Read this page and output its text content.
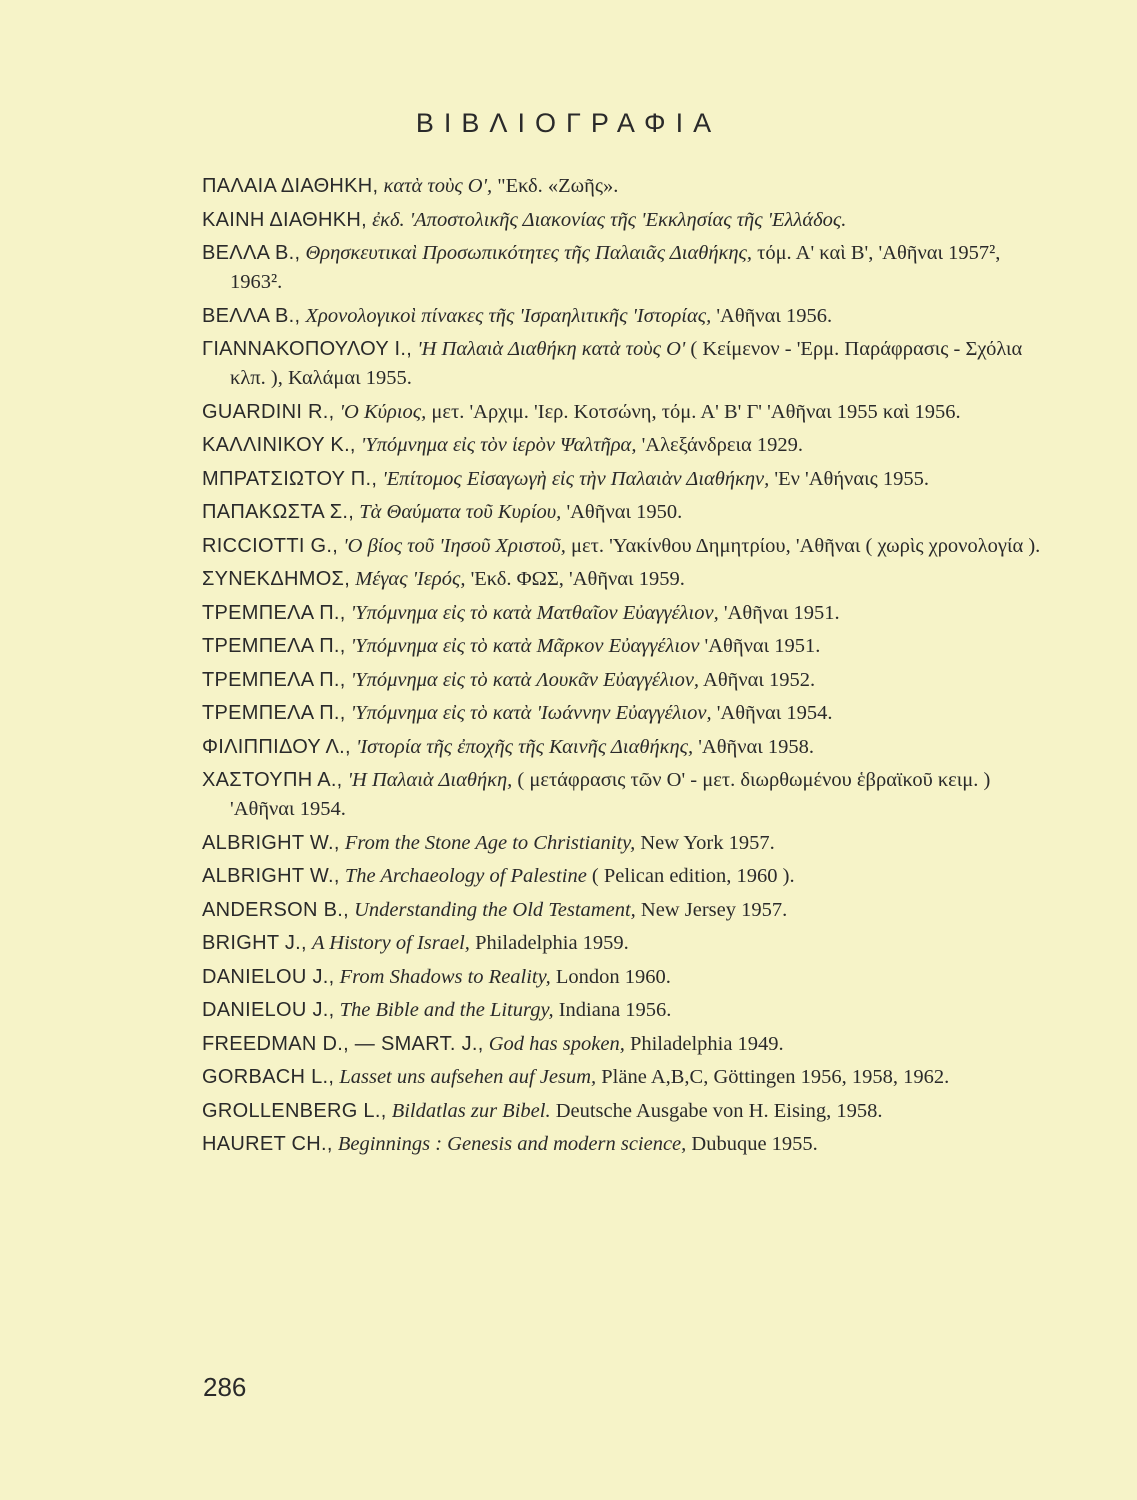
ΒΙΒΛΙΟΓΡΑΦΙΑ
ΠΑΛΑΙΑ ΔΙΑΘΗΚΗ, κατὰ τοὺς Ο', "Εκδ. «Ζωῆς».
ΚΑΙΝΗ ΔΙΑΘΗΚΗ, ἐκδ. 'Αποστολικῆς Διακονίας τῆς 'Εκκλησίας τῆς 'Ελλάδος.
ΒΕΛΛΑ Β., Θρησκευτικαὶ Προσωπικότητες τῆς Παλαιᾶς Διαθήκης, τόμ. Α' καὶ Β', 'Αθῆναι 1957², 1963².
ΒΕΛΛΑ Β., Χρονολογικοὶ πίνακες τῆς 'Ισραηλιτικῆς 'Ιστορίας, 'Αθῆναι 1956.
ΓΙΑΝΝΑΚΟΠΟΥΛΟΥ Ι., 'Η Παλαιὰ Διαθήκη κατὰ τοὺς Ο' ( Κείμενον - 'Ερμ. Παράφρασις - Σχόλια κλπ. ), Καλάμαι 1955.
GUARDINI R., 'Ο Κύριος, μετ. 'Αρχιμ. 'Ιερ. Κοτσώνη, τόμ. Α' Β' Γ' 'Αθῆναι 1955 καὶ 1956.
ΚΑΛΛΙΝΙΚΟΥ Κ., 'Υπόμνημα εἰς τὸν ἱερὸν Ψαλτῆρα, 'Αλεξάνδρεια 1929.
ΜΠΡΑΤΣΙΩΤΟΥ Π., 'Επίτομος Εἰσαγωγὴ εἰς τὴν Παλαιὰν Διαθήκην, 'Εν 'Αθήναις 1955.
ΠΑΠΑΚΩΣΤΑ Σ., Τὰ Θαύματα τοῦ Κυρίου, 'Αθῆναι 1950.
RICCIOTTI G., 'Ο βίος τοῦ 'Ιησοῦ Χριστοῦ, μετ. 'Υακίνθου Δημητρίου, 'Αθῆναι ( χωρὶς χρονολογία ).
ΣΥΝΕΚΔΗΜΟΣ, Μέγας 'Ιερός, 'Εκδ. ΦΩΣ, 'Αθῆναι 1959.
ΤΡΕΜΠΕΛΑ Π., 'Υπόμνημα εἰς τὸ κατὰ Ματθαῖον Εὐαγγέλιον, 'Αθῆναι 1951.
ΤΡΕΜΠΕΛΑ Π., 'Υπόμνημα εἰς τὸ κατὰ Μᾶρκον Εὐαγγέλιον 'Αθῆναι 1951.
ΤΡΕΜΠΕΛΑ Π., 'Υπόμνημα εἰς τὸ κατὰ Λουκᾶν Εὐαγγέλιον, Αθῆναι 1952.
ΤΡΕΜΠΕΛΑ Π., 'Υπόμνημα εἰς τὸ κατὰ 'Ιωάννην Εὐαγγέλιον, 'Αθῆναι 1954.
ΦΙΛΙΠΠΙΔΟΥ Λ., 'Ιστορία τῆς ἐποχῆς τῆς Καινῆς Διαθήκης, 'Αθῆναι 1958.
ΧΑΣΤΟΥΠΗ Α., 'Η Παλαιὰ Διαθήκη, ( μετάφρασις τῶν Ο' - μετ. διωρθωμένου ἑβραϊκοῦ κειμ. ) 'Αθῆναι 1954.
ALBRIGHT W., From the Stone Age to Christianity, New York 1957.
ALBRIGHT W., The Archaeology of Palestine ( Pelican edition, 1960 ).
ANDERSON B., Understanding the Old Testament, New Jersey 1957.
BRIGHT J., A History of Israel, Philadelphia 1959.
DANIELOU J., From Shadows to Reality, London 1960.
DANIELOU J., The Bible and the Liturgy, Indiana 1956.
FREEDMAN D., — SMART. J., God has spoken, Philadelphia 1949.
GORBACH L., Lasset uns aufsehen auf Jesum, Pläne A,B,C, Göttingen 1956, 1958, 1962.
GROLLENBERG L., Bildatlas zur Bibel. Deutsche Ausgabe von H. Eising, 1958.
HAURET CH., Beginnings : Genesis and modern science, Dubuque 1955.
286
